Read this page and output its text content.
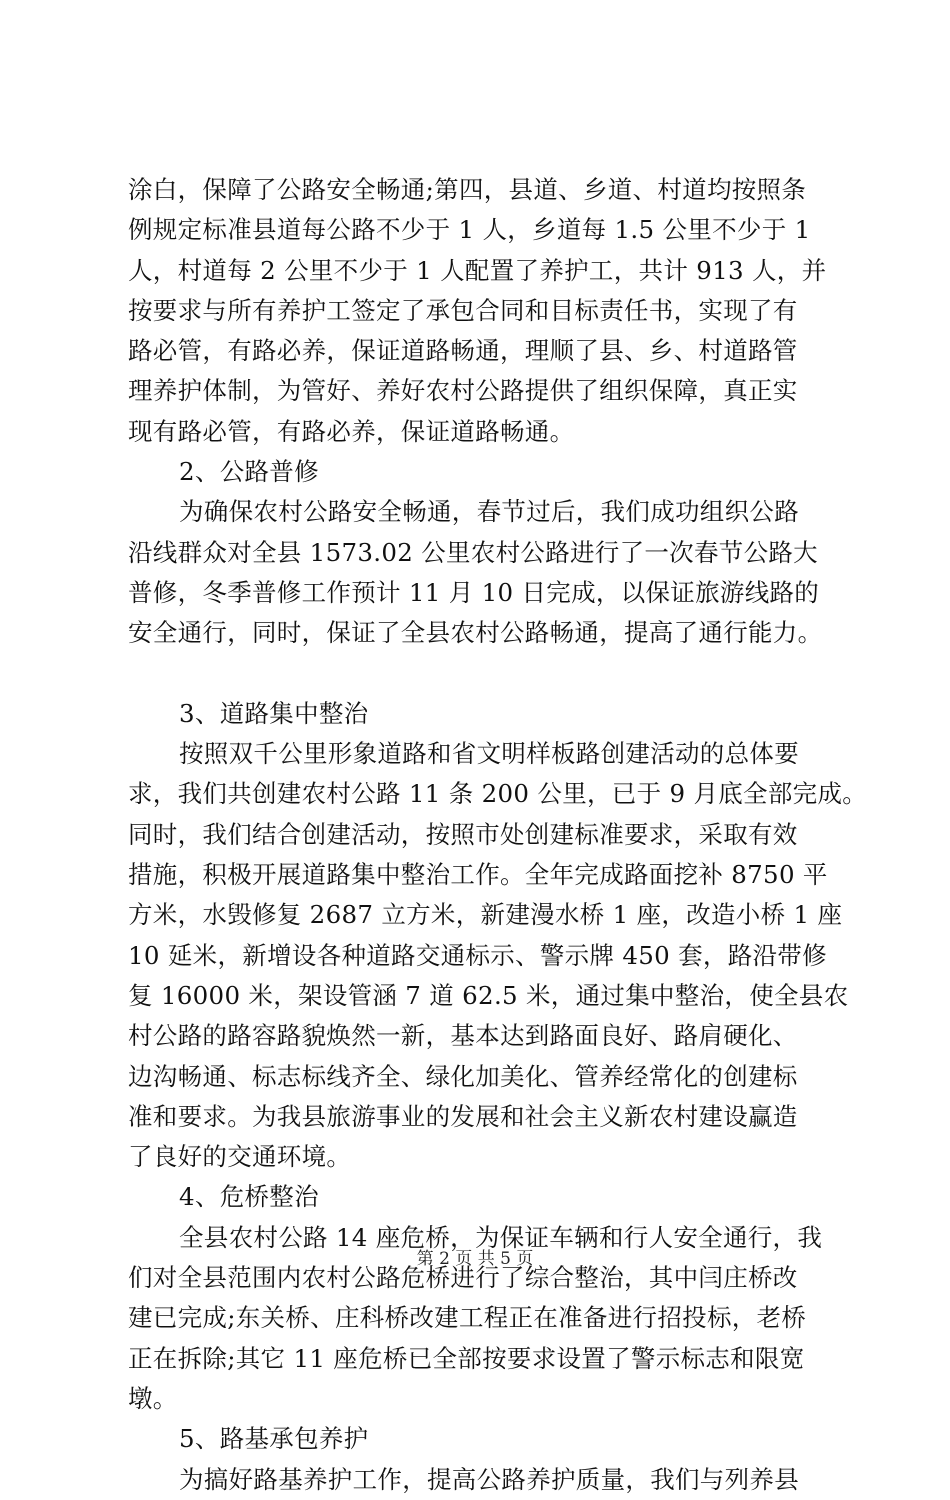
涂白，保障了公路安全畅通;第四，县道、乡道、村道均按照条
例规定标准县道每公路不少于 1 人，乡道每 1.5 公里不少于 1
人，村道每 2 公里不少于 1 人配置了养护工，共计 913 人，并
按要求与所有养护工签定了承包合同和目标责任书，实现了有
路必管，有路必养，保证道路畅通，理顺了县、乡、村道路管
理养护体制，为管好、养好农村公路提供了组织保障，真正实
现有路必管，有路必养，保证道路畅通。
2、公路普修
为确保农村公路安全畅通，春节过后，我们成功组织公路
沿线群众对全县 1573.02 公里农村公路进行了一次春节公路大
普修，冬季普修工作预计 11 月 10 日完成，以保证旅游线路的
安全通行，同时，保证了全县农村公路畅通，提高了通行能力。
3、道路集中整治
按照双千公里形象道路和省文明样板路创建活动的总体要
求，我们共创建农村公路 11 条 200 公里，已于 9 月底全部完成。
同时，我们结合创建活动，按照市处创建标准要求，采取有效
措施，积极开展道路集中整治工作。全年完成路面挖补 8750 平
方米，水毁修复 2687 立方米，新建漫水桥 1 座，改造小桥 1 座
10 延米，新增设各种道路交通标示、警示牌 450 套，路沿带修
复 16000 米，架设管涵 7 道 62.5 米，通过集中整治，使全县农
村公路的路容路貌焕然一新，基本达到路面良好、路肩硬化、
边沟畅通、标志标线齐全、绿化加美化、管养经常化的创建标
准和要求。为我县旅游事业的发展和社会主义新农村建设赢造
了良好的交通环境。
4、危桥整治
全县农村公路 14 座危桥，为保证车辆和行人安全通行，我
们对全县范围内农村公路危桥进行了综合整治，其中闫庄桥改
建已完成;东关桥、庄科桥改建工程正在准备进行招投标，老桥
正在拆除;其它 11 座危桥已全部按要求设置了警示标志和限宽
墩。
5、路基承包养护
为搞好路基养护工作，提高公路养护质量，我们与列养县
第 2 页 共 5 页
